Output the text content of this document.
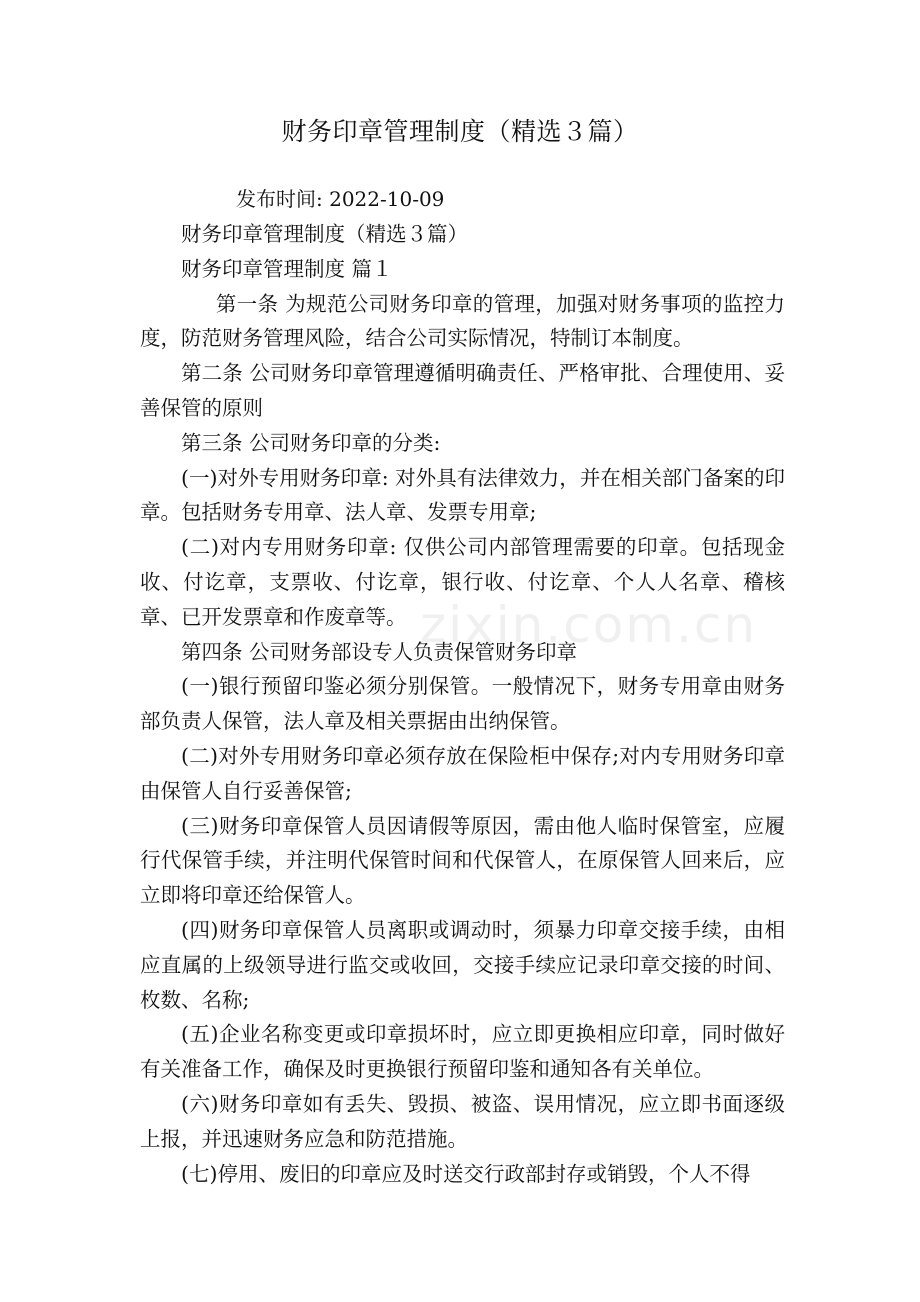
财务印章管理制度（精选３篇）
发布时间: 2022-10-09

财务印章管理制度（精选３篇）

财务印章管理制度 篇１

第一条 为规范公司财务印章的管理，加强对财务事项的监控力度，防范财务管理风险，结合公司实际情况，特制订本制度。

第二条 公司财务印章管理遵循明确责任、严格审批、合理使用、妥善保管的原则

第三条 公司财务印章的分类:

(一)对外专用财务印章: 对外具有法律效力，并在相关部门备案的印章。包括财务专用章、法人章、发票专用章;

(二)对内专用财务印章: 仅供公司内部管理需要的印章。包括现金收、付讫章，支票收、付讫章，银行收、付讫章、个人人名章、稽核章、已开发票章和作废章等。

第四条 公司财务部设专人负责保管财务印章

(一)银行预留印鉴必须分别保管。一般情况下，财务专用章由财务部负责人保管，法人章及相关票据由出纳保管。

(二)对外专用财务印章必须存放在保险柜中保存;对内专用财务印章由保管人自行妥善保管;

(三)财务印章保管人员因请假等原因，需由他人临时保管室，应履行代保管手续，并注明代保管时间和代保管人，在原保管人回来后，应立即将印章还给保管人。

(四)财务印章保管人员离职或调动时，须暴力印章交接手续，由相应直属的上级领导进行监交或收回，交接手续应记录印章交接的时间、枚数、名称;

(五)企业名称变更或印章损坏时，应立即更换相应印章，同时做好有关准备工作，确保及时更换银行预留印鉴和通知各有关单位。

(六)财务印章如有丢失、毁损、被盗、误用情况，应立即书面逐级上报，并迅速财务应急和防范措施。

(七)停用、废旧的印章应及时送交行政部封存或销毁，个人不得

zixin.com.cn
